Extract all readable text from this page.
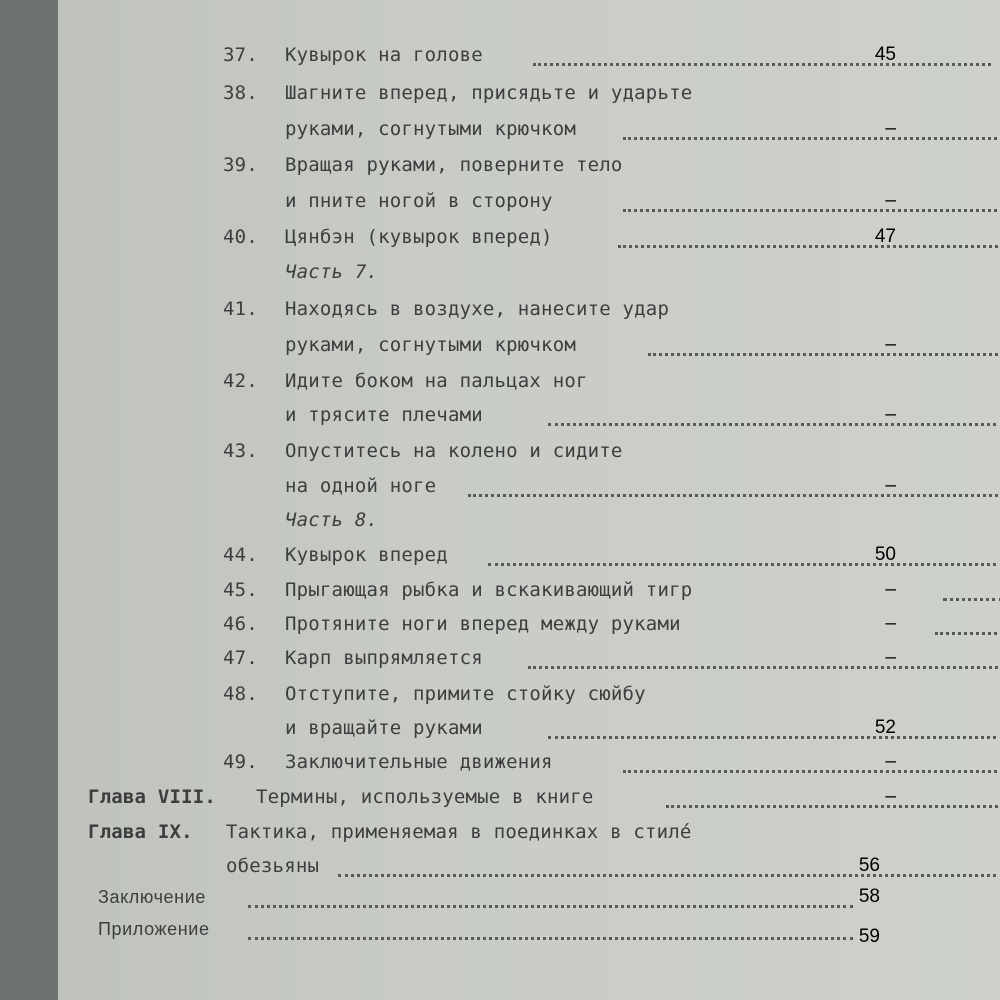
37. Кувырок на голове	45
38. Шагните вперед, присядьте и ударьте
руками, согнутыми крючком	–
39. Вращая руками, поверните тело
и пните ногой в сторону	–
40. Цянбэн (кувырок вперед)	47
Часть 7.
41. Находясь в воздухе, нанесите удар
руками, согнутыми крючком	–
42. Идите боком на пальцах ног
и трясите плечами	–
43. Опуститесь на колено и сидите
на одной ноге	–
Часть 8.
44. Кувырок вперед	50
45. Прыгающая рыбка и вскакивающий тигр	–
46. Протяните ноги вперед между руками	–
47. Карп выпрямляется	–
48. Отступите, примите стойку сюйбу
и вращайте руками	52
49. Заключительные движения	–
Глава VIII. Термины, используемые в книге	–
Глава IX. Тактика, применяемая в поединках в стилé
обезьяны	56
Заключение	58
Приложение	59
